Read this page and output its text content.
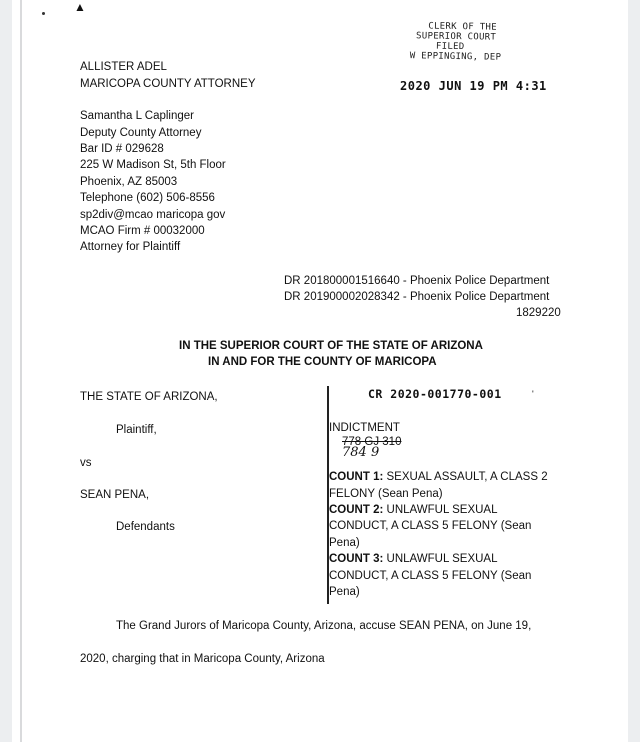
▲
ALLISTER ADEL
MARICOPA COUNTY ATTORNEY
Samantha L Caplinger
Deputy County Attorney
Bar ID # 029628
225 W Madison St, 5th Floor
Phoenix, AZ 85003
Telephone (602) 506-8556
sp2div@mcao maricopa gov
MCAO Firm # 00032000
Attorney for Plaintiff
CLERK OF THE
SUPERIOR COURT
FILED
W EPPINGING, DEP
2020 JUN 19 PM 4:31
DR 201800001516640 - Phoenix Police Department
DR 201900002028342 - Phoenix Police Department
1829220
IN THE SUPERIOR COURT OF THE STATE OF ARIZONA
IN AND FOR THE COUNTY OF MARICOPA
THE STATE OF ARIZONA,
Plaintiff,
vs
SEAN PENA,
Defendants
CR 2020-001770-001	'
INDICTMENT
778 GJ 310
784 9
COUNT 1: SEXUAL ASSAULT, A CLASS 2
FELONY (Sean Pena)
COUNT 2: UNLAWFUL SEXUAL
CONDUCT, A CLASS 5 FELONY (Sean
Pena)
COUNT 3: UNLAWFUL SEXUAL
CONDUCT, A CLASS 5 FELONY (Sean
Pena)
The Grand Jurors of Maricopa County, Arizona, accuse SEAN PENA, on June 19,
2020, charging that in Maricopa County, Arizona
